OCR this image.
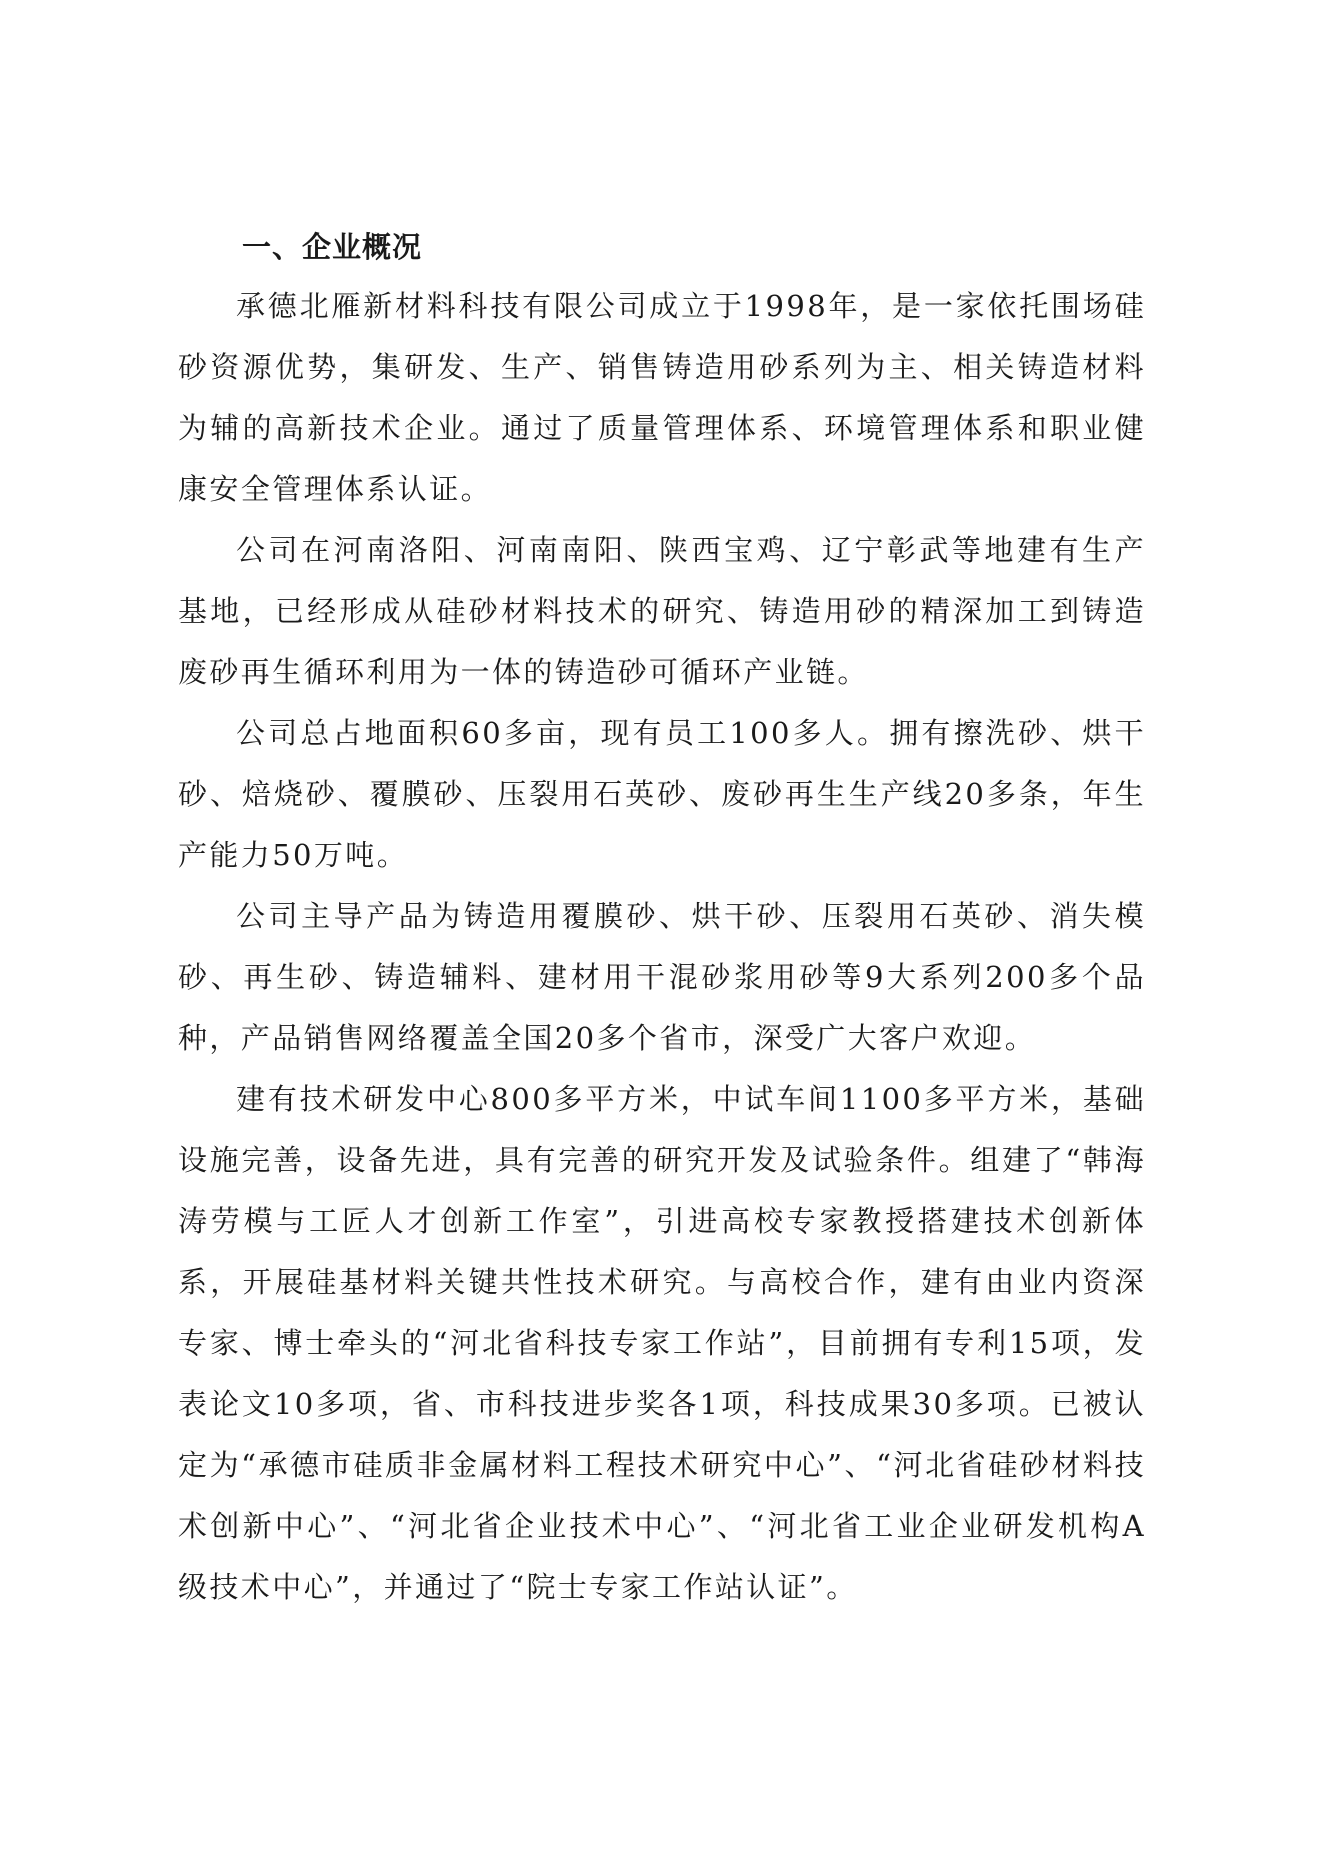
一、企业概况

承德北雁新材料科技有限公司成立于1998年，是一家依托围场硅砂资源优势，集研发、生产、销售铸造用砂系列为主、相关铸造材料为辅的高新技术企业。通过了质量管理体系、环境管理体系和职业健康安全管理体系认证。

公司在河南洛阳、河南南阳、陕西宝鸡、辽宁彰武等地建有生产基地，已经形成从硅砂材料技术的研究、铸造用砂的精深加工到铸造废砂再生循环利用为一体的铸造砂可循环产业链。

公司总占地面积60多亩，现有员工100多人。拥有擦洗砂、烘干砂、焙烧砂、覆膜砂、压裂用石英砂、废砂再生生产线20多条，年生产能力50万吨。

公司主导产品为铸造用覆膜砂、烘干砂、压裂用石英砂、消失模砂、再生砂、铸造辅料、建材用干混砂浆用砂等9大系列200多个品种，产品销售网络覆盖全国20多个省市，深受广大客户欢迎。

建有技术研发中心800多平方米，中试车间1100多平方米，基础设施完善，设备先进，具有完善的研究开发及试验条件。组建了“韩海涛劳模与工匠人才创新工作室”，引进高校专家教授搭建技术创新体系，开展硅基材料关键共性技术研究。与高校合作，建有由业内资深专家、博士牵头的“河北省科技专家工作站”，目前拥有专利15项，发表论文10多项，省、市科技进步奖各1项，科技成果30多项。已被认定为“承德市硅质非金属材料工程技术研究中心”、“河北省硅砂材料技术创新中心”、“河北省企业技术中心”、“河北省工业企业研发机构A级技术中心”，并通过了“院士专家工作站认证”。
